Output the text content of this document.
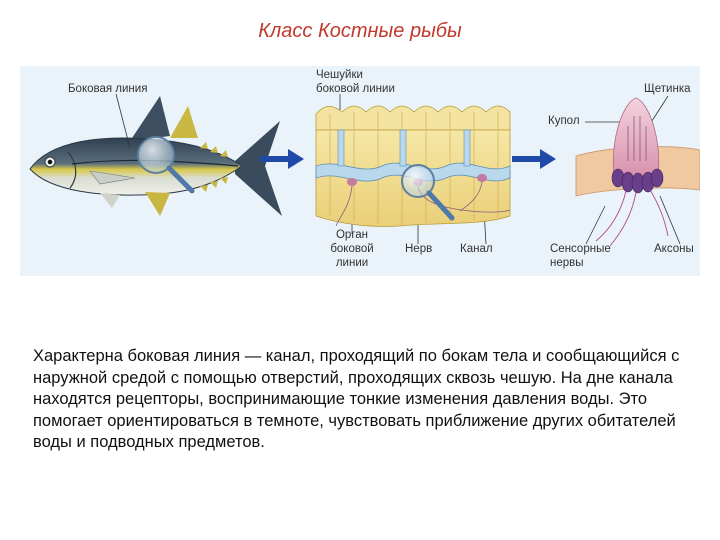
Класс Костные рыбы
Боковая линия
Чешуйки
боковой линии	Щетинка
Купол
Орган
боковой
линии
Нерв Канал	Сенсорные
нервы
Аксоны
Характерна боковая линия — канал, проходящий по бокам тела и сообщающийся с наружной средой с помощью отверстий, проходящих сквозь чешую. На дне канала находятся рецепторы, воспринимающие тонкие изменения давления воды. Это помогает ориентироваться в темноте, чувствовать приближение других обитателей воды и подводных предметов.
